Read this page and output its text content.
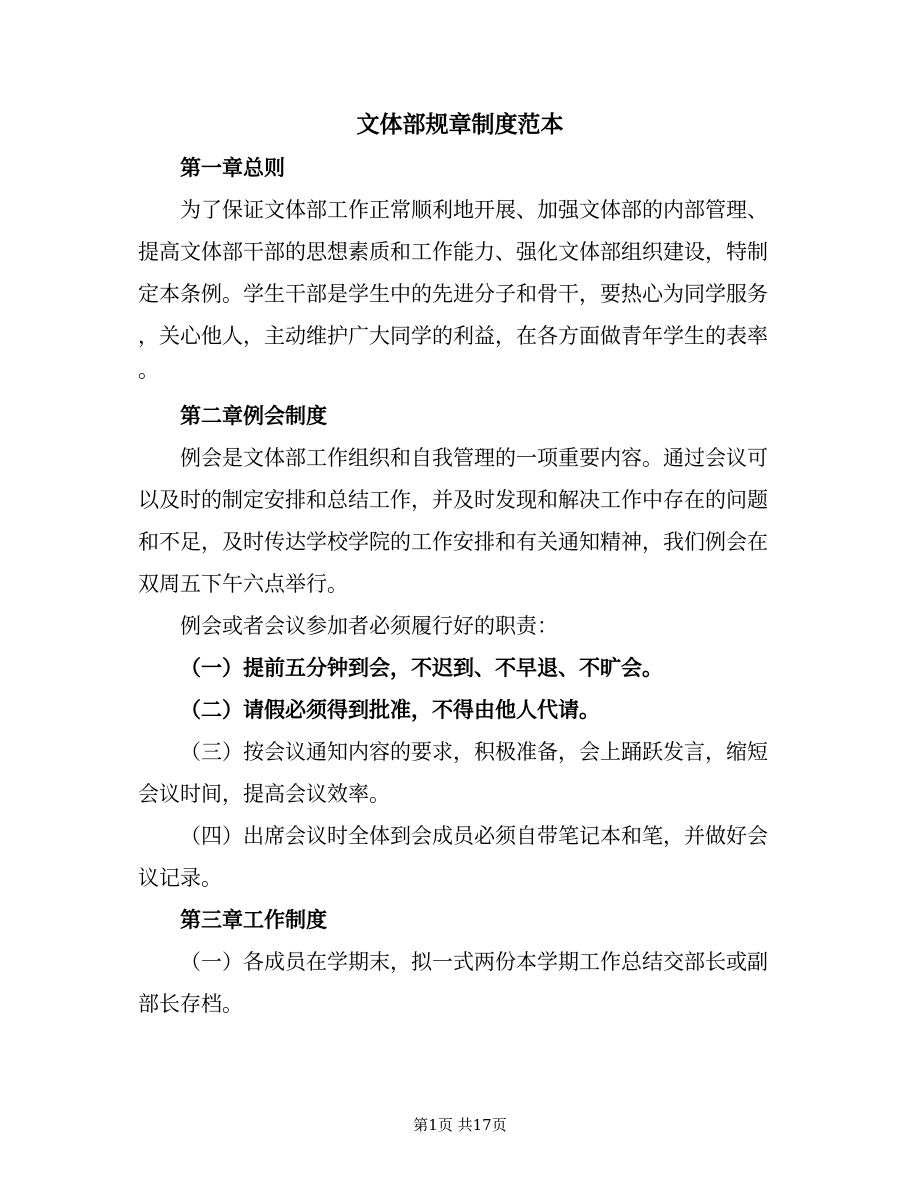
文体部规章制度范本
第一章总则
为了保证文体部工作正常顺利地开展、加强文体部的内部管理、
提高文体部干部的思想素质和工作能力、强化文体部组织建设，特制
定本条例。学生干部是学生中的先进分子和骨干，要热心为同学服务
，关心他人，主动维护广大同学的利益，在各方面做青年学生的表率
。
第二章例会制度
例会是文体部工作组织和自我管理的一项重要内容。通过会议可
以及时的制定安排和总结工作，并及时发现和解决工作中存在的问题
和不足，及时传达学校学院的工作安排和有关通知精神，我们例会在
双周五下午六点举行。
例会或者会议参加者必须履行好的职责：
（一）提前五分钟到会，不迟到、不早退、不旷会。
（二）请假必须得到批准，不得由他人代请。
（三）按会议通知内容的要求，积极准备，会上踊跃发言，缩短
会议时间，提高会议效率。
（四）出席会议时全体到会成员必须自带笔记本和笔，并做好会
议记录。
第三章工作制度
（一）各成员在学期末，拟一式两份本学期工作总结交部长或副
部长存档。
第1页 共17页
